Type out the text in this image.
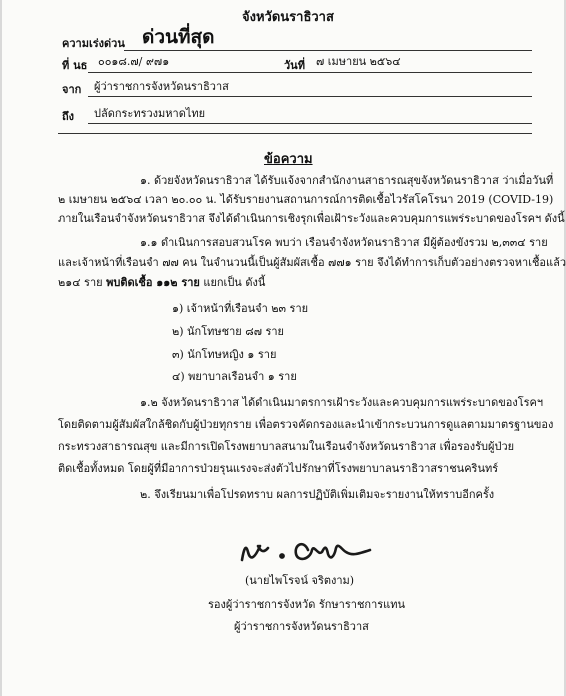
จังหวัดนราธิวาส
ความเร่งด่วน ด่วนที่สุด
ที่ นธ ๐๐๑๘.๗/ ๙๗๑	วันที่ ๗ เมษายน ๒๕๖๔
จาก ผู้ว่าราชการจังหวัดนราธิวาส
ถึง ปลัดกระทรวงมหาดไทย
ข้อความ
๑. ด้วยจังหวัดนราธิวาส ได้รับแจ้งจากสำนักงานสาธารณสุขจังหวัดนราธิวาส ว่าเมื่อวันที่
๒ เมษายน ๒๕๖๔ เวลา ๒๐.๐๐ น. ได้รับรายงานสถานการณ์การติดเชื้อไวรัสโคโรนา 2019 (COVID-19)
ภายในเรือนจำจังหวัดนราธิวาส จึงได้ดำเนินการเชิงรุกเพื่อเฝ้าระวังและควบคุมการแพร่ระบาดของโรคฯ ดังนี้
๑.๑ ดำเนินการสอบสวนโรค พบว่า เรือนจำจังหวัดนราธิวาส มีผู้ต้องขังรวม ๒,๓๓๔ ราย
และเจ้าหน้าที่เรือนจำ ๗๗ คน ในจำนวนนี้เป็นผู้สัมผัสเชื้อ ๗๗๑ ราย จึงได้ทำการเก็บตัวอย่างตรวจหาเชื้อแล้ว
๒๑๔ ราย พบติดเชื้อ ๑๑๒ ราย แยกเป็น ดังนี้
๑) เจ้าหน้าที่เรือนจำ ๒๓ ราย
๒) นักโทษชาย ๘๗ ราย
๓) นักโทษหญิง ๑ ราย
๔) พยาบาลเรือนจำ ๑ ราย
๑.๒ จังหวัดนราธิวาส ได้ดำเนินมาตรการเฝ้าระวังและควบคุมการแพร่ระบาดของโรคฯ
โดยติดตามผู้สัมผัสใกล้ชิดกับผู้ป่วยทุกราย เพื่อตรวจคัดกรองและนำเข้ากระบวนการดูแลตามมาตรฐานของ
กระทรวงสาธารณสุข และมีการเปิดโรงพยาบาลสนามในเรือนจำจังหวัดนราธิวาส เพื่อรองรับผู้ป่วย
ติดเชื้อทั้งหมด โดยผู้ที่มีอาการป่วยรุนแรงจะส่งตัวไปรักษาที่โรงพยาบาลนราธิวาสราชนครินทร์
๒. จึงเรียนมาเพื่อโปรดทราบ ผลการปฏิบัติเพิ่มเติมจะรายงานให้ทราบอีกครั้ง
(นายไพโรจน์ จริตงาม)
รองผู้ว่าราชการจังหวัด รักษาราชการแทน
ผู้ว่าราชการจังหวัดนราธิวาส
